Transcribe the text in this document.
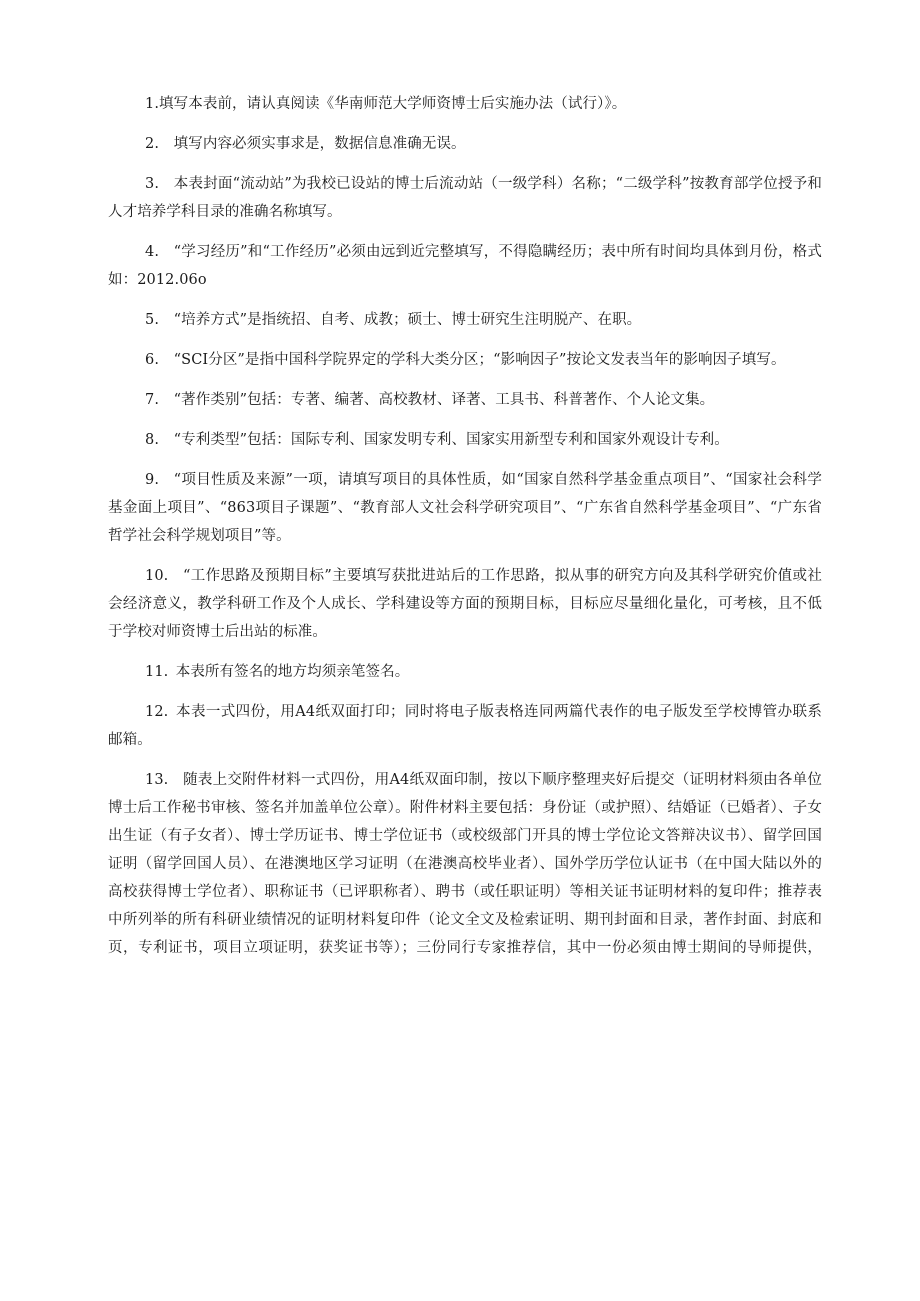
1.填写本表前，请认真阅读《华南师范大学师资博士后实施办法（试行）》。

2.  填写内容必须实事求是，数据信息准确无误。

3.  本表封面“流动站”为我校已设站的博士后流动站（一级学科）名称；“二级学科”按教育部学位授予和人才培养学科目录的准确名称填写。

4.  “学习经历”和“工作经历”必须由远到近完整填写，不得隐瞒经历；表中所有时间均具体到月份，格式如：2012.06o

5.  “培养方式”是指统招、自考、成教；硕士、博士研究生注明脱产、在职。

6.  “SCI分区”是指中国科学院界定的学科大类分区；“影响因子”按论文发表当年的影响因子填写。

7.  “著作类别”包括：专著、编著、高校教材、译著、工具书、科普著作、个人论文集。

8.  “专利类型”包括：国际专利、国家发明专利、国家实用新型专利和国家外观设计专利。

9.  “项目性质及来源”一项，请填写项目的具体性质，如“国家自然科学基金重点项目”、“国家社会科学基金面上项目”、“863项目子课题”、“教育部人文社会科学研究项目”、“广东省自然科学基金项目”、“广东省哲学社会科学规划项目”等。

10.  “工作思路及预期目标”主要填写获批进站后的工作思路，拟从事的研究方向及其科学研究价值或社会经济意义，教学科研工作及个人成长、学科建设等方面的预期目标，目标应尽量细化量化，可考核，且不低于学校对师资博士后出站的标准。

11.  本表所有签名的地方均须亲笔签名。

12.  本表一式四份，用A4纸双面打印；同时将电子版表格连同两篇代表作的电子版发至学校博管办联系邮箱。

13.  随表上交附件材料一式四份，用A4纸双面印制，按以下顺序整理夹好后提交（证明材料须由各单位博士后工作秘书审核、签名并加盖单位公章）。附件材料主要包括：身份证（或护照）、结婚证（已婚者）、子女出生证（有子女者）、博士学历证书、博士学位证书（或校级部门开具的博士学位论文答辩决议书）、留学回国证明（留学回国人员）、在港澳地区学习证明（在港澳高校毕业者）、国外学历学位认证书（在中国大陆以外的高校获得博士学位者）、职称证书（已评职称者）、聘书（或任职证明）等相关证书证明材料的复印件；推荐表中所列举的所有科研业绩情况的证明材料复印件（论文全文及检索证明、期刊封面和目录，著作封面、封底和页，专利证书，项目立项证明，获奖证书等）；三份同行专家推荐信，其中一份必须由博士期间的导师提供，
